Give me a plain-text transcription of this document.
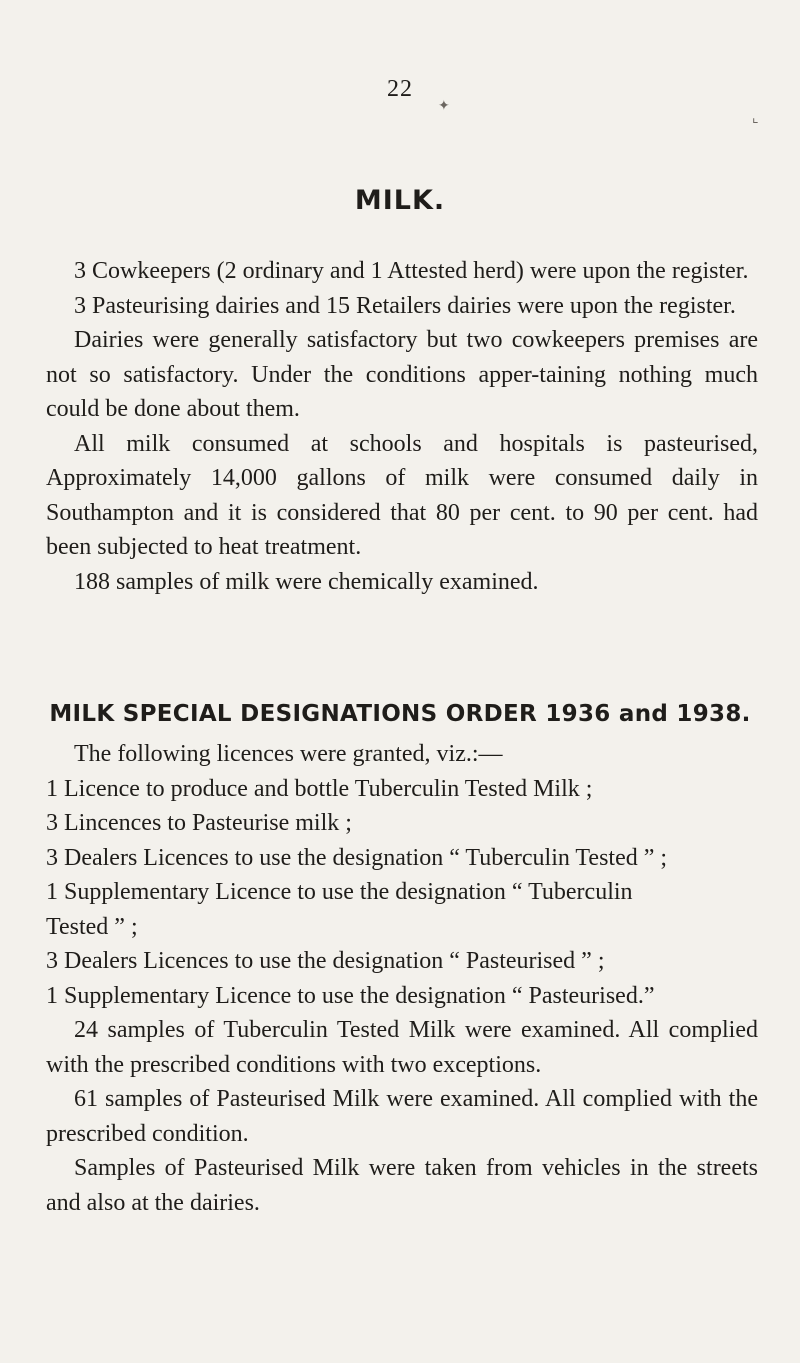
22
✦
⌞
MILK.

3 Cowkeepers (2 ordinary and 1 Attested herd) were upon the register.

3 Pasteurising dairies and 15 Retailers dairies were upon the register.

Dairies were generally satisfactory but two cowkeepers premises are not so satisfactory. Under the conditions apper-taining nothing much could be done about them.

All milk consumed at schools and hospitals is pasteurised, Approximately 14,000 gallons of milk were consumed daily in Southampton and it is considered that 80 per cent. to 90 per cent. had been subjected to heat treatment.

188 samples of milk were chemically examined.

MILK SPECIAL DESIGNATIONS ORDER 1936 and 1938.

The following licences were granted, viz.:—

1 Licence to produce and bottle Tuberculin Tested Milk ;

3 Lincences to Pasteurise milk ;

3 Dealers Licences to use the designation “ Tuberculin Tested ” ;

1 Supplementary Licence to use the designation “ Tuberculin

Tested ” ;

3 Dealers Licences to use the designation “ Pasteurised ” ;

1 Supplementary Licence to use the designation “ Pasteurised.”

24 samples of Tuberculin Tested Milk were examined. All complied with the prescribed conditions with two exceptions.

61 samples of Pasteurised Milk were examined. All complied with the prescribed condition.

Samples of Pasteurised Milk were taken from vehicles in the streets and also at the dairies.
